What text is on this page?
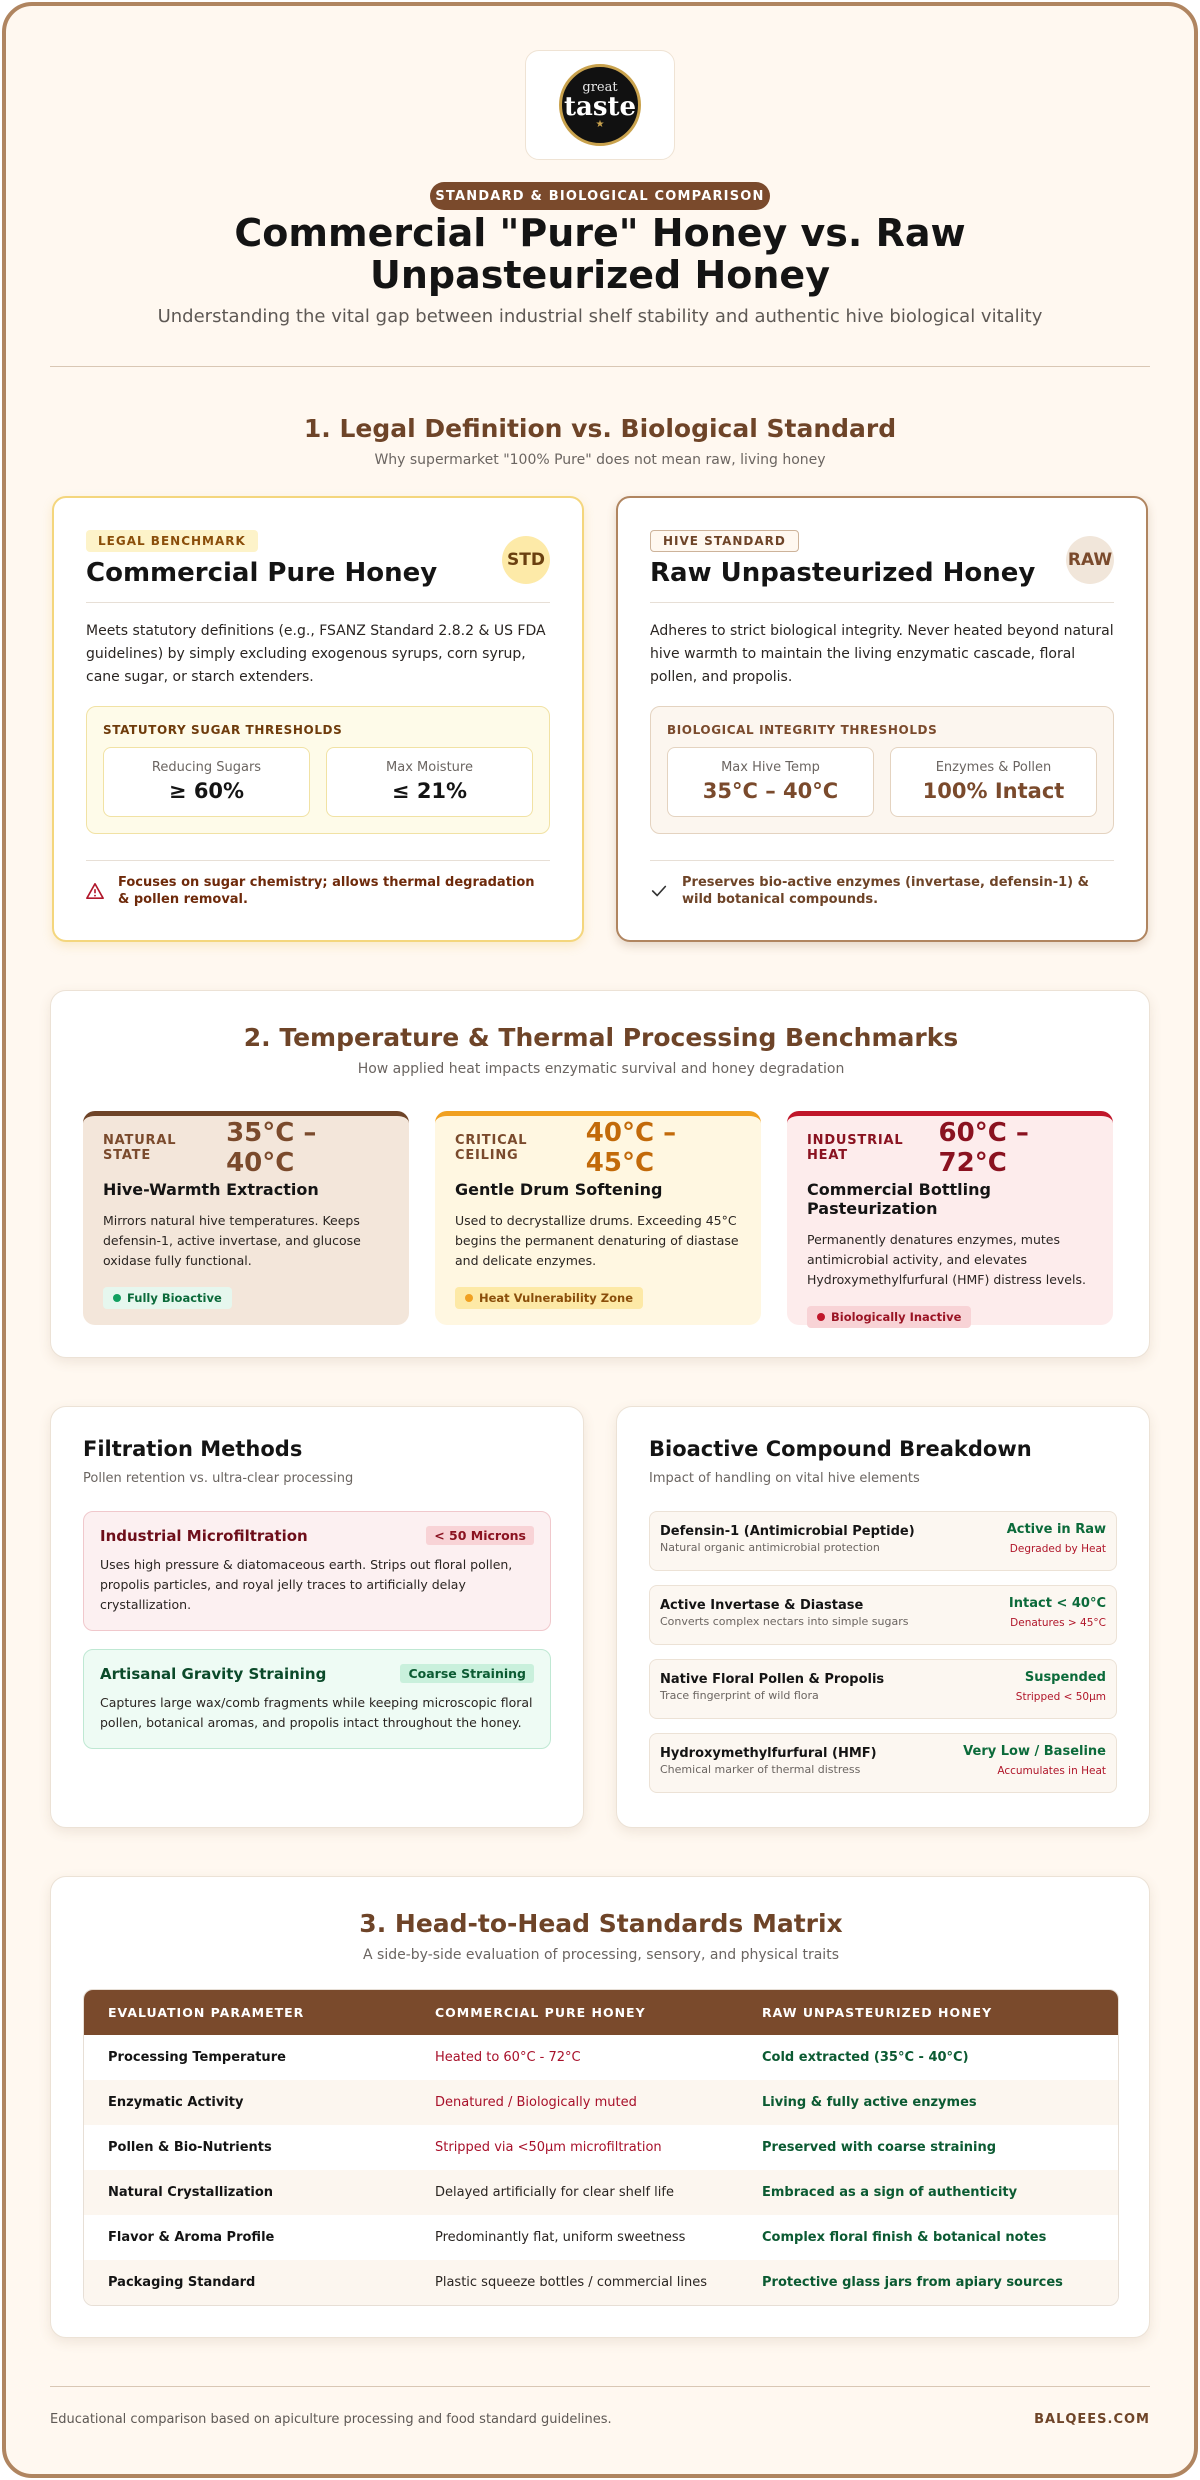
great
taste
★
STANDARD & BIOLOGICAL COMPARISON
Commercial "Pure" Honey vs. Raw Unpasteurized Honey
Understanding the vital gap between industrial shelf stability and authentic hive biological vitality
1. Legal Definition vs. Biological Standard
Why supermarket "100% Pure" does not mean raw, living honey
LEGAL BENCHMARK
Commercial Pure Honey	STD
Meets statutory definitions (e.g., FSANZ Standard 2.8.2 & US FDA guidelines) by simply excluding exogenous syrups, corn syrup, cane sugar, or starch extenders.
STATUTORY SUGAR THRESHOLDS
Reducing Sugars
≥ 60%
Max Moisture
≤ 21%
Focuses on sugar chemistry; allows thermal degradation & pollen removal.
HIVE STANDARD
Raw Unpasteurized Honey RAW
Adheres to strict biological integrity. Never heated beyond natural hive warmth to maintain the living enzymatic cascade, floral pollen, and propolis.
BIOLOGICAL INTEGRITY THRESHOLDS
Max Hive Temp
35°C – 40°C
Enzymes & Pollen
100% Intact
Preserves bio-active enzymes (invertase, defensin-1) & wild botanical compounds.
2. Temperature & Thermal Processing Benchmarks
How applied heat impacts enzymatic survival and honey degradation
NATURAL STATE
35°C – 40°C
Hive-Warmth Extraction
Mirrors natural hive temperatures. Keeps defensin-1, active invertase, and glucose oxidase fully functional.
Fully Bioactive
CRITICAL CEILING
40°C – 45°C
Gentle Drum Softening
Used to decrystallize drums. Exceeding 45°C begins the permanent denaturing of diastase and delicate enzymes.
Heat Vulnerability Zone
INDUSTRIAL HEAT
60°C – 72°C
Commercial Bottling Pasteurization
Permanently denatures enzymes, mutes antimicrobial activity, and elevates Hydroxymethylfurfural (HMF) distress levels.
Biologically Inactive
Filtration Methods
Pollen retention vs. ultra-clear processing
Industrial Microfiltration	< 50 Microns
Uses high pressure & diatomaceous earth. Strips out floral pollen, propolis particles, and royal jelly traces to artificially delay crystallization.
Artisanal Gravity Straining	Coarse Straining
Captures large wax/comb fragments while keeping microscopic floral pollen, botanical aromas, and propolis intact throughout the honey.
Bioactive Compound Breakdown
Impact of handling on vital hive elements
Defensin-1 (Antimicrobial Peptide)
Natural organic antimicrobial protection
Active in Raw
Degraded by Heat
Active Invertase & Diastase
Converts complex nectars into simple sugars
Intact < 40°C
Denatures > 45°C
Native Floral Pollen & Propolis
Trace fingerprint of wild flora
Suspended
Stripped < 50μm
Hydroxymethylfurfural (HMF)
Chemical marker of thermal distress
Very Low / Baseline
Accumulates in Heat
3. Head-to-Head Standards Matrix
A side-by-side evaluation of processing, sensory, and physical traits
EVALUATION PARAMETER	COMMERCIAL PURE HONEY	RAW UNPASTEURIZED HONEY
Processing Temperature	Heated to 60°C - 72°C	Cold extracted (35°C - 40°C)
Enzymatic Activity	Denatured / Biologically muted	Living & fully active enzymes
Pollen & Bio-Nutrients	Stripped via <50μm microfiltration	Preserved with coarse straining
Natural Crystallization	Delayed artificially for clear shelf life	Embraced as a sign of authenticity
Flavor & Aroma Profile	Predominantly flat, uniform sweetness	Complex floral finish & botanical notes
Packaging Standard	Plastic squeeze bottles / commercial lines	Protective glass jars from apiary sources
Educational comparison based on apiculture processing and food standard guidelines.	BALQEES.COM
